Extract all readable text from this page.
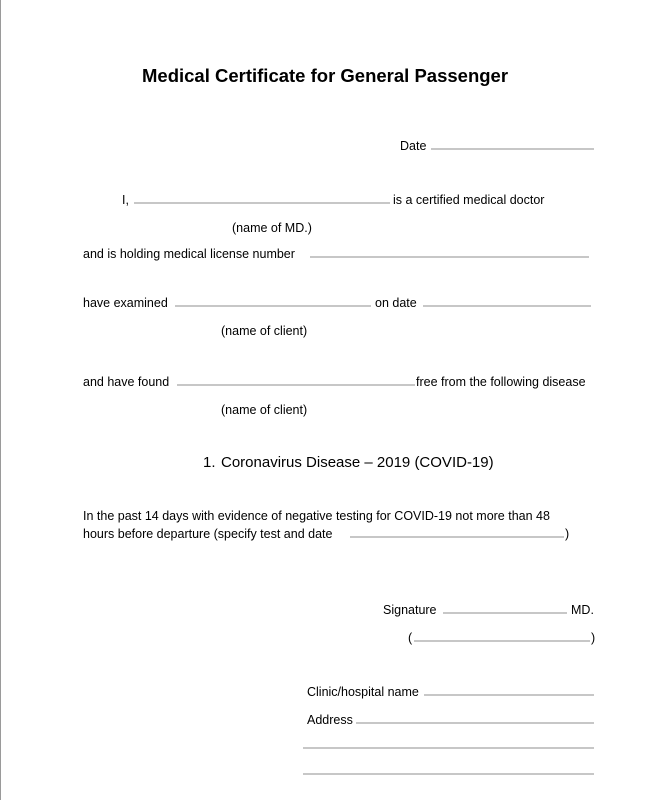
Medical Certificate for General Passenger
Date
I,	is a certified medical doctor
(name of MD.)
and is holding medical license number
have examined	on date
(name of client)
and have found	free from the following disease
(name of client)
1. Coronavirus Disease – 2019 (COVID-19)
In the past 14 days with evidence of negative testing for COVID-19 not more than 48
hours before departure (specify test and date	)
Signature	MD.
(	)
Clinic/hospital name
Address
